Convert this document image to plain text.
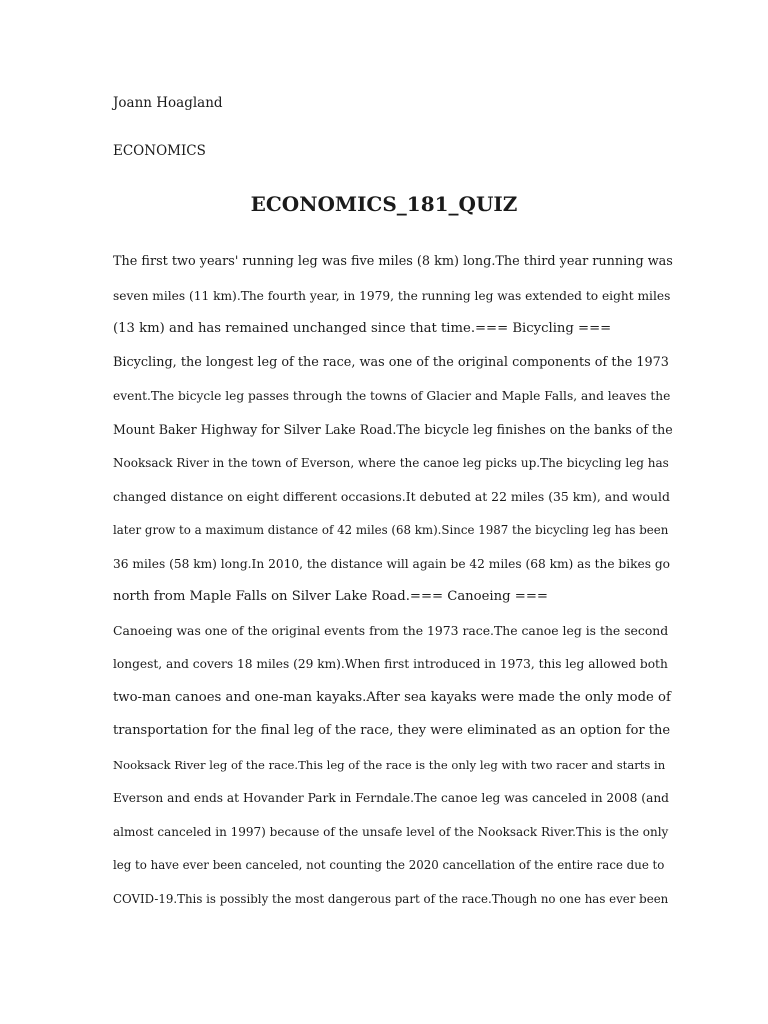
Joann Hoagland
ECONOMICS
ECONOMICS_181_QUIZ
The first two years' running leg was five miles (8 km) long.The third year running was
seven miles (11 km).The fourth year, in 1979, the running leg was extended to eight miles
(13 km) and has remained unchanged since that time.=== Bicycling ===
Bicycling, the longest leg of the race, was one of the original components of the 1973
event.The bicycle leg passes through the towns of Glacier and Maple Falls, and leaves the
Mount Baker Highway for Silver Lake Road.The bicycle leg finishes on the banks of the
Nooksack River in the town of Everson, where the canoe leg picks up.The bicycling leg has
changed distance on eight different occasions.It debuted at 22 miles (35 km), and would
later grow to a maximum distance of 42 miles (68 km).Since 1987 the bicycling leg has been
36 miles (58 km) long.In 2010, the distance will again be 42 miles (68 km) as the bikes go
north from Maple Falls on Silver Lake Road.=== Canoeing ===
Canoeing was one of the original events from the 1973 race.The canoe leg is the second
longest, and covers 18 miles (29 km).When first introduced in 1973, this leg allowed both
two-man canoes and one-man kayaks.After sea kayaks were made the only mode of
transportation for the final leg of the race, they were eliminated as an option for the
Nooksack River leg of the race.This leg of the race is the only leg with two racer and starts in
Everson and ends at Hovander Park in Ferndale.The canoe leg was canceled in 2008 (and
almost canceled in 1997) because of the unsafe level of the Nooksack River.This is the only
leg to have ever been canceled, not counting the 2020 cancellation of the entire race due to
COVID-19.This is possibly the most dangerous part of the race.Though no one has ever been
